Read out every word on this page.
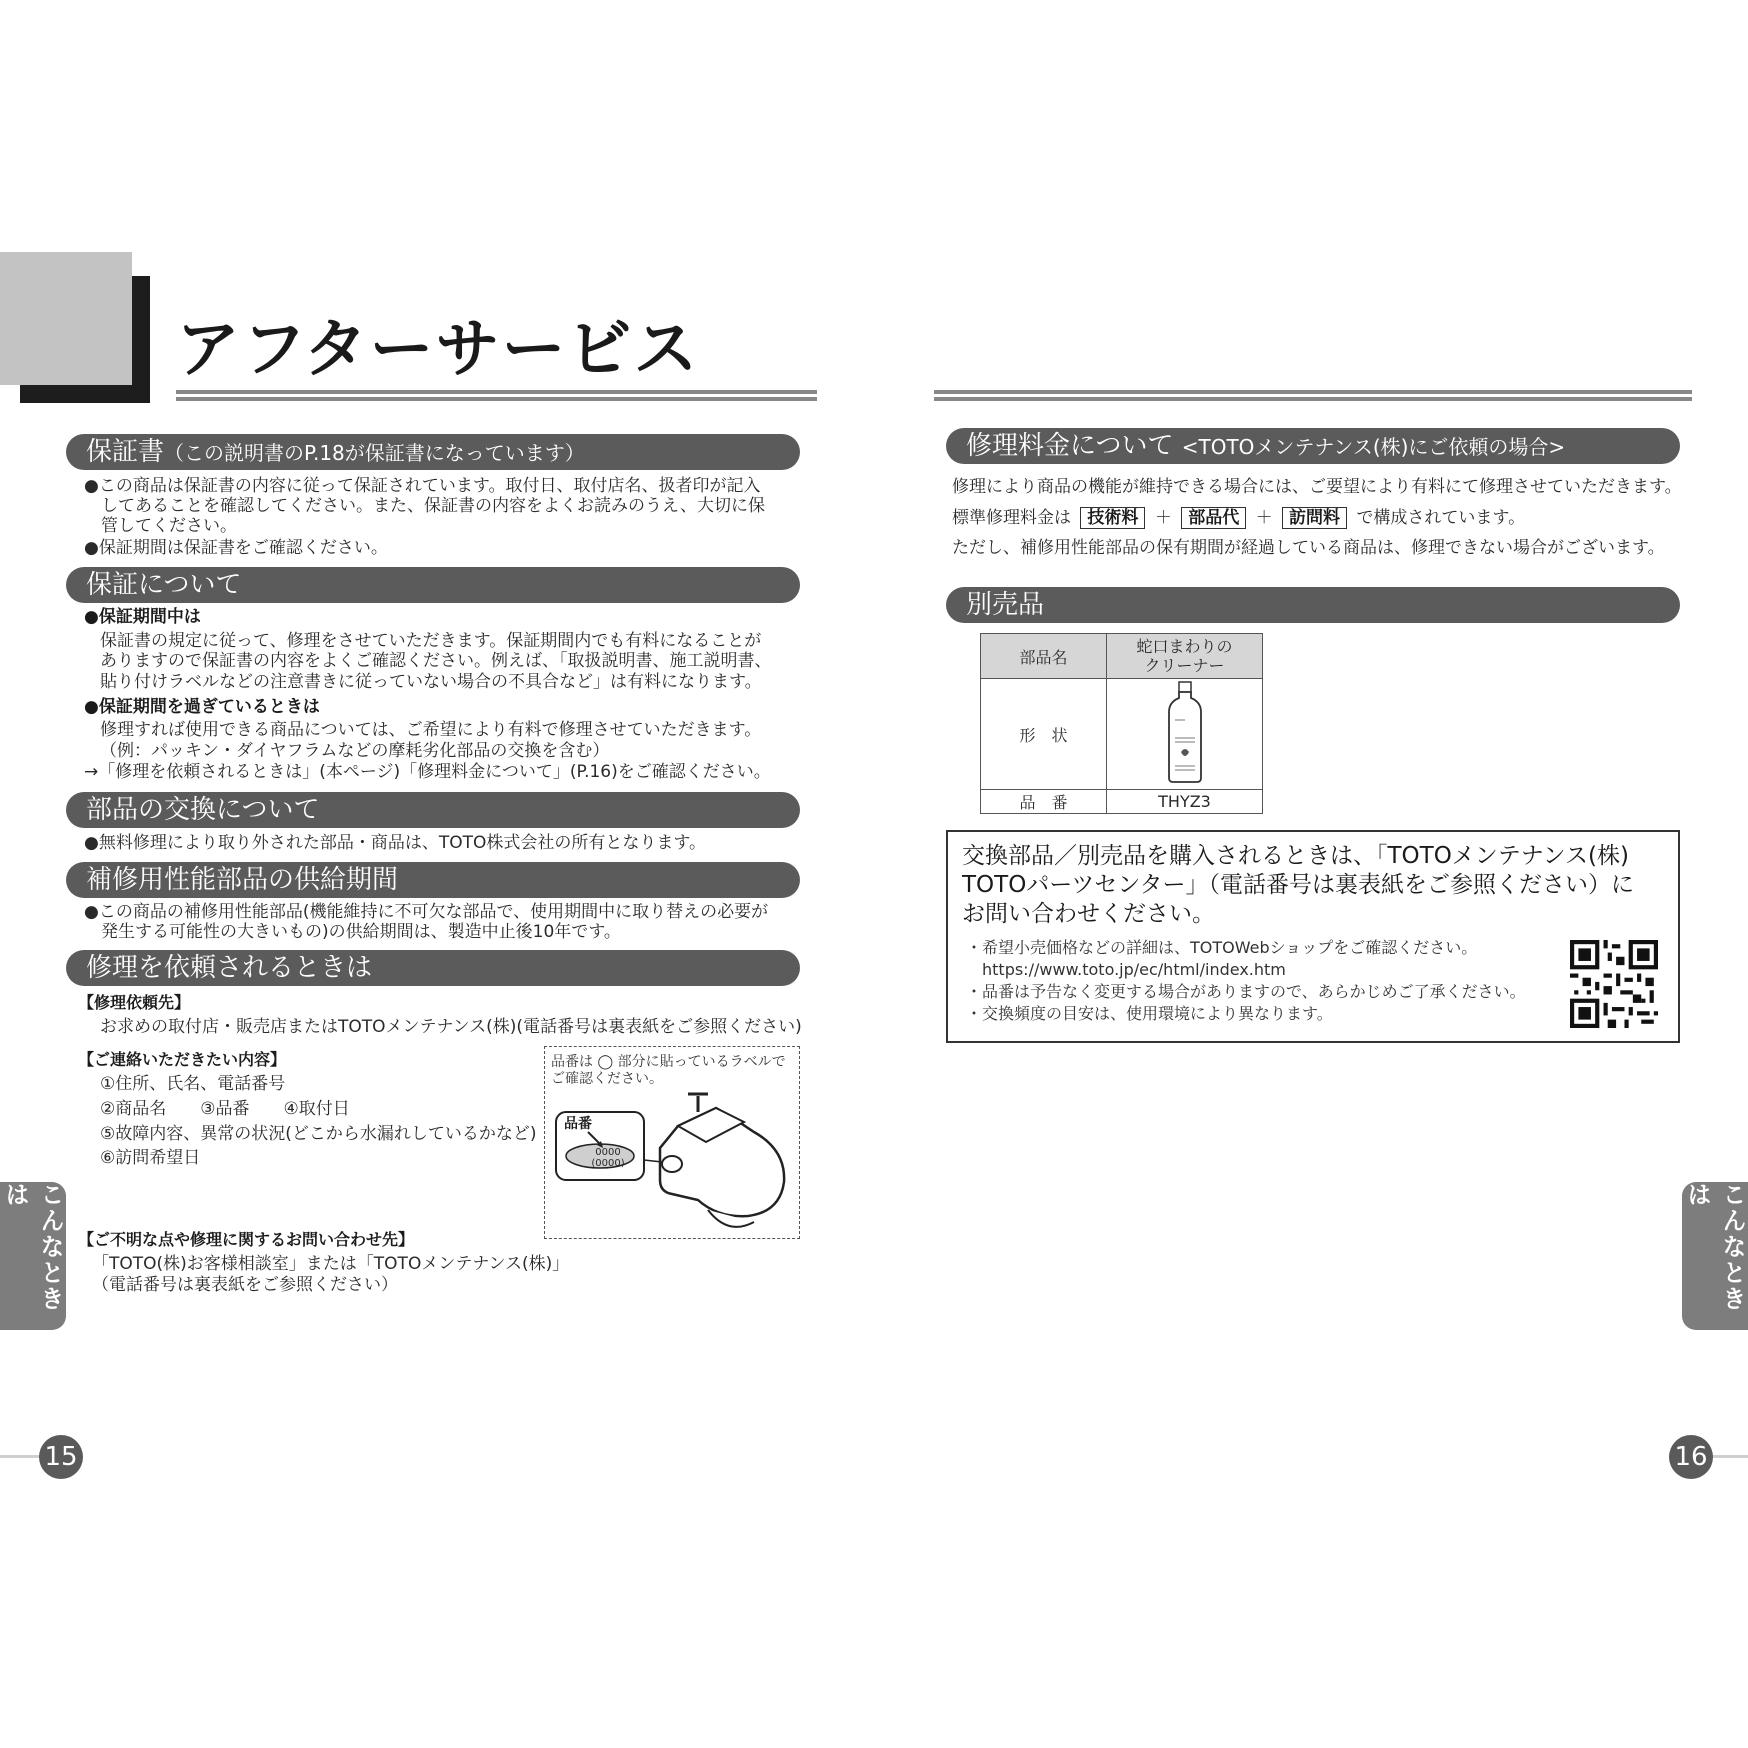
アフターサービス
保証書（この説明書のP.18が保証書になっています）
●この商品は保証書の内容に従って保証されています。取付日、取付店名、扱者印が記入
　してあることを確認してください。また、保証書の内容をよくお読みのうえ、大切に保
　管してください。
●保証期間は保証書をご確認ください。
保証について
●保証期間中は
保証書の規定に従って、修理をさせていただきます。保証期間内でも有料になることが
ありますので保証書の内容をよくご確認ください。例えば、「取扱説明書、施工説明書、
貼り付けラベルなどの注意書きに従っていない場合の不具合など」は有料になります。
●保証期間を過ぎているときは
修理すれば使用できる商品については、ご希望により有料で修理させていただきます。
（例：パッキン・ダイヤフラムなどの摩耗劣化部品の交換を含む）
→「修理を依頼されるときは」(本ページ)「修理料金について」(P.16)をご確認ください。
部品の交換について
●無料修理により取り外された部品・商品は、TOTO株式会社の所有となります。
補修用性能部品の供給期間
●この商品の補修用性能部品(機能維持に不可欠な部品で、使用期間中に取り替えの必要が
　発生する可能性の大きいもの)の供給期間は、製造中止後10年です。
修理を依頼されるときは
【修理依頼先】
お求めの取付店・販売店またはTOTOメンテナンス(株)(電話番号は裏表紙をご参照ください)
【ご連絡いただきたい内容】
①住所、氏名、電話番号
②商品名　　③品番　　④取付日
⑤故障内容、異常の状況(どこから水漏れしているかなど)
⑥訪問希望日
品番は ◯ 部分に貼っているラベルで
ご確認ください。
品番
0000
(0000)
【ご不明な点や修理に関するお問い合わせ先】
「TOTO(株)お客様相談室」または「TOTOメンテナンス(株)」
（電話番号は裏表紙をご参照ください）
こんなときは
15
修理料金について <TOTOメンテナンス(株)にご依頼の場合>
修理により商品の機能が維持できる場合には、ご要望により有料にて修理させていただきます。
標準修理料金は 技術料 ＋ 部品代 ＋ 訪問料 で構成されています。
ただし、補修用性能部品の保有期間が経過している商品は、修理できない場合がございます。
別売品
部品名	蛇口まわりの
クリーナー

形　状	
品　番	THYZ3
交換部品／別売品を購入されるときは、「TOTOメンテナンス(株)
TOTOパーツセンター」（電話番号は裏表紙をご参照ください）に
お問い合わせください。
・希望小売価格などの詳細は、TOTOWebショップをご確認ください。
　https://www.toto.jp/ec/html/index.htm
・品番は予告なく変更する場合がありますので、あらかじめご了承ください。
・交換頻度の目安は、使用環境により異なります。
こんなときは
16
